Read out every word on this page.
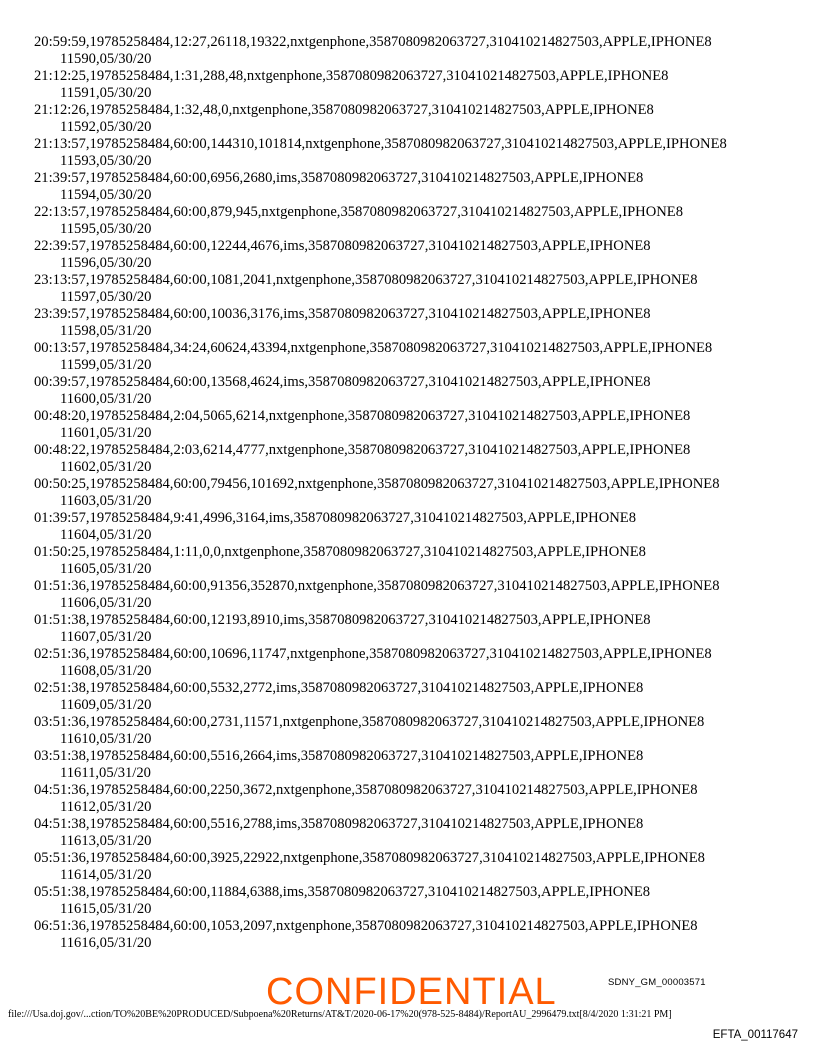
20:59:59,19785258484,12:27,26118,19322,nxtgenphone,3587080982063727,310410214827503,APPLE,IPHONE8
11590,05/30/20
21:12:25,19785258484,1:31,288,48,nxtgenphone,3587080982063727,310410214827503,APPLE,IPHONE8
11591,05/30/20
21:12:26,19785258484,1:32,48,0,nxtgenphone,3587080982063727,310410214827503,APPLE,IPHONE8
11592,05/30/20
21:13:57,19785258484,60:00,144310,101814,nxtgenphone,3587080982063727,310410214827503,APPLE,IPHONE8
11593,05/30/20
21:39:57,19785258484,60:00,6956,2680,ims,3587080982063727,310410214827503,APPLE,IPHONE8
11594,05/30/20
22:13:57,19785258484,60:00,879,945,nxtgenphone,3587080982063727,310410214827503,APPLE,IPHONE8
11595,05/30/20
22:39:57,19785258484,60:00,12244,4676,ims,3587080982063727,310410214827503,APPLE,IPHONE8
11596,05/30/20
23:13:57,19785258484,60:00,1081,2041,nxtgenphone,3587080982063727,310410214827503,APPLE,IPHONE8
11597,05/30/20
23:39:57,19785258484,60:00,10036,3176,ims,3587080982063727,310410214827503,APPLE,IPHONE8
11598,05/31/20
00:13:57,19785258484,34:24,60624,43394,nxtgenphone,3587080982063727,310410214827503,APPLE,IPHONE8
11599,05/31/20
00:39:57,19785258484,60:00,13568,4624,ims,3587080982063727,310410214827503,APPLE,IPHONE8
11600,05/31/20
00:48:20,19785258484,2:04,5065,6214,nxtgenphone,3587080982063727,310410214827503,APPLE,IPHONE8
11601,05/31/20
00:48:22,19785258484,2:03,6214,4777,nxtgenphone,3587080982063727,310410214827503,APPLE,IPHONE8
11602,05/31/20
00:50:25,19785258484,60:00,79456,101692,nxtgenphone,3587080982063727,310410214827503,APPLE,IPHONE8
11603,05/31/20
01:39:57,19785258484,9:41,4996,3164,ims,3587080982063727,310410214827503,APPLE,IPHONE8
11604,05/31/20
01:50:25,19785258484,1:11,0,0,nxtgenphone,3587080982063727,310410214827503,APPLE,IPHONE8
11605,05/31/20
01:51:36,19785258484,60:00,91356,352870,nxtgenphone,3587080982063727,310410214827503,APPLE,IPHONE8
11606,05/31/20
01:51:38,19785258484,60:00,12193,8910,ims,3587080982063727,310410214827503,APPLE,IPHONE8
11607,05/31/20
02:51:36,19785258484,60:00,10696,11747,nxtgenphone,3587080982063727,310410214827503,APPLE,IPHONE8
11608,05/31/20
02:51:38,19785258484,60:00,5532,2772,ims,3587080982063727,310410214827503,APPLE,IPHONE8
11609,05/31/20
03:51:36,19785258484,60:00,2731,11571,nxtgenphone,3587080982063727,310410214827503,APPLE,IPHONE8
11610,05/31/20
03:51:38,19785258484,60:00,5516,2664,ims,3587080982063727,310410214827503,APPLE,IPHONE8
11611,05/31/20
04:51:36,19785258484,60:00,2250,3672,nxtgenphone,3587080982063727,310410214827503,APPLE,IPHONE8
11612,05/31/20
04:51:38,19785258484,60:00,5516,2788,ims,3587080982063727,310410214827503,APPLE,IPHONE8
11613,05/31/20
05:51:36,19785258484,60:00,3925,22922,nxtgenphone,3587080982063727,310410214827503,APPLE,IPHONE8
11614,05/31/20
05:51:38,19785258484,60:00,11884,6388,ims,3587080982063727,310410214827503,APPLE,IPHONE8
11615,05/31/20
06:51:36,19785258484,60:00,1053,2097,nxtgenphone,3587080982063727,310410214827503,APPLE,IPHONE8
11616,05/31/20
file:///Usa.doj.gov/...ction/TO%20BE%20PRODUCED/Subpoena%20Returns/AT&T/2020-06-17%20(978-525-8484)/ReportAU_2996479.txt[8/4/2020 1:31:21 PM]
CONFIDENTIAL	SDNY_GM_00003571
EFTA_00117647
